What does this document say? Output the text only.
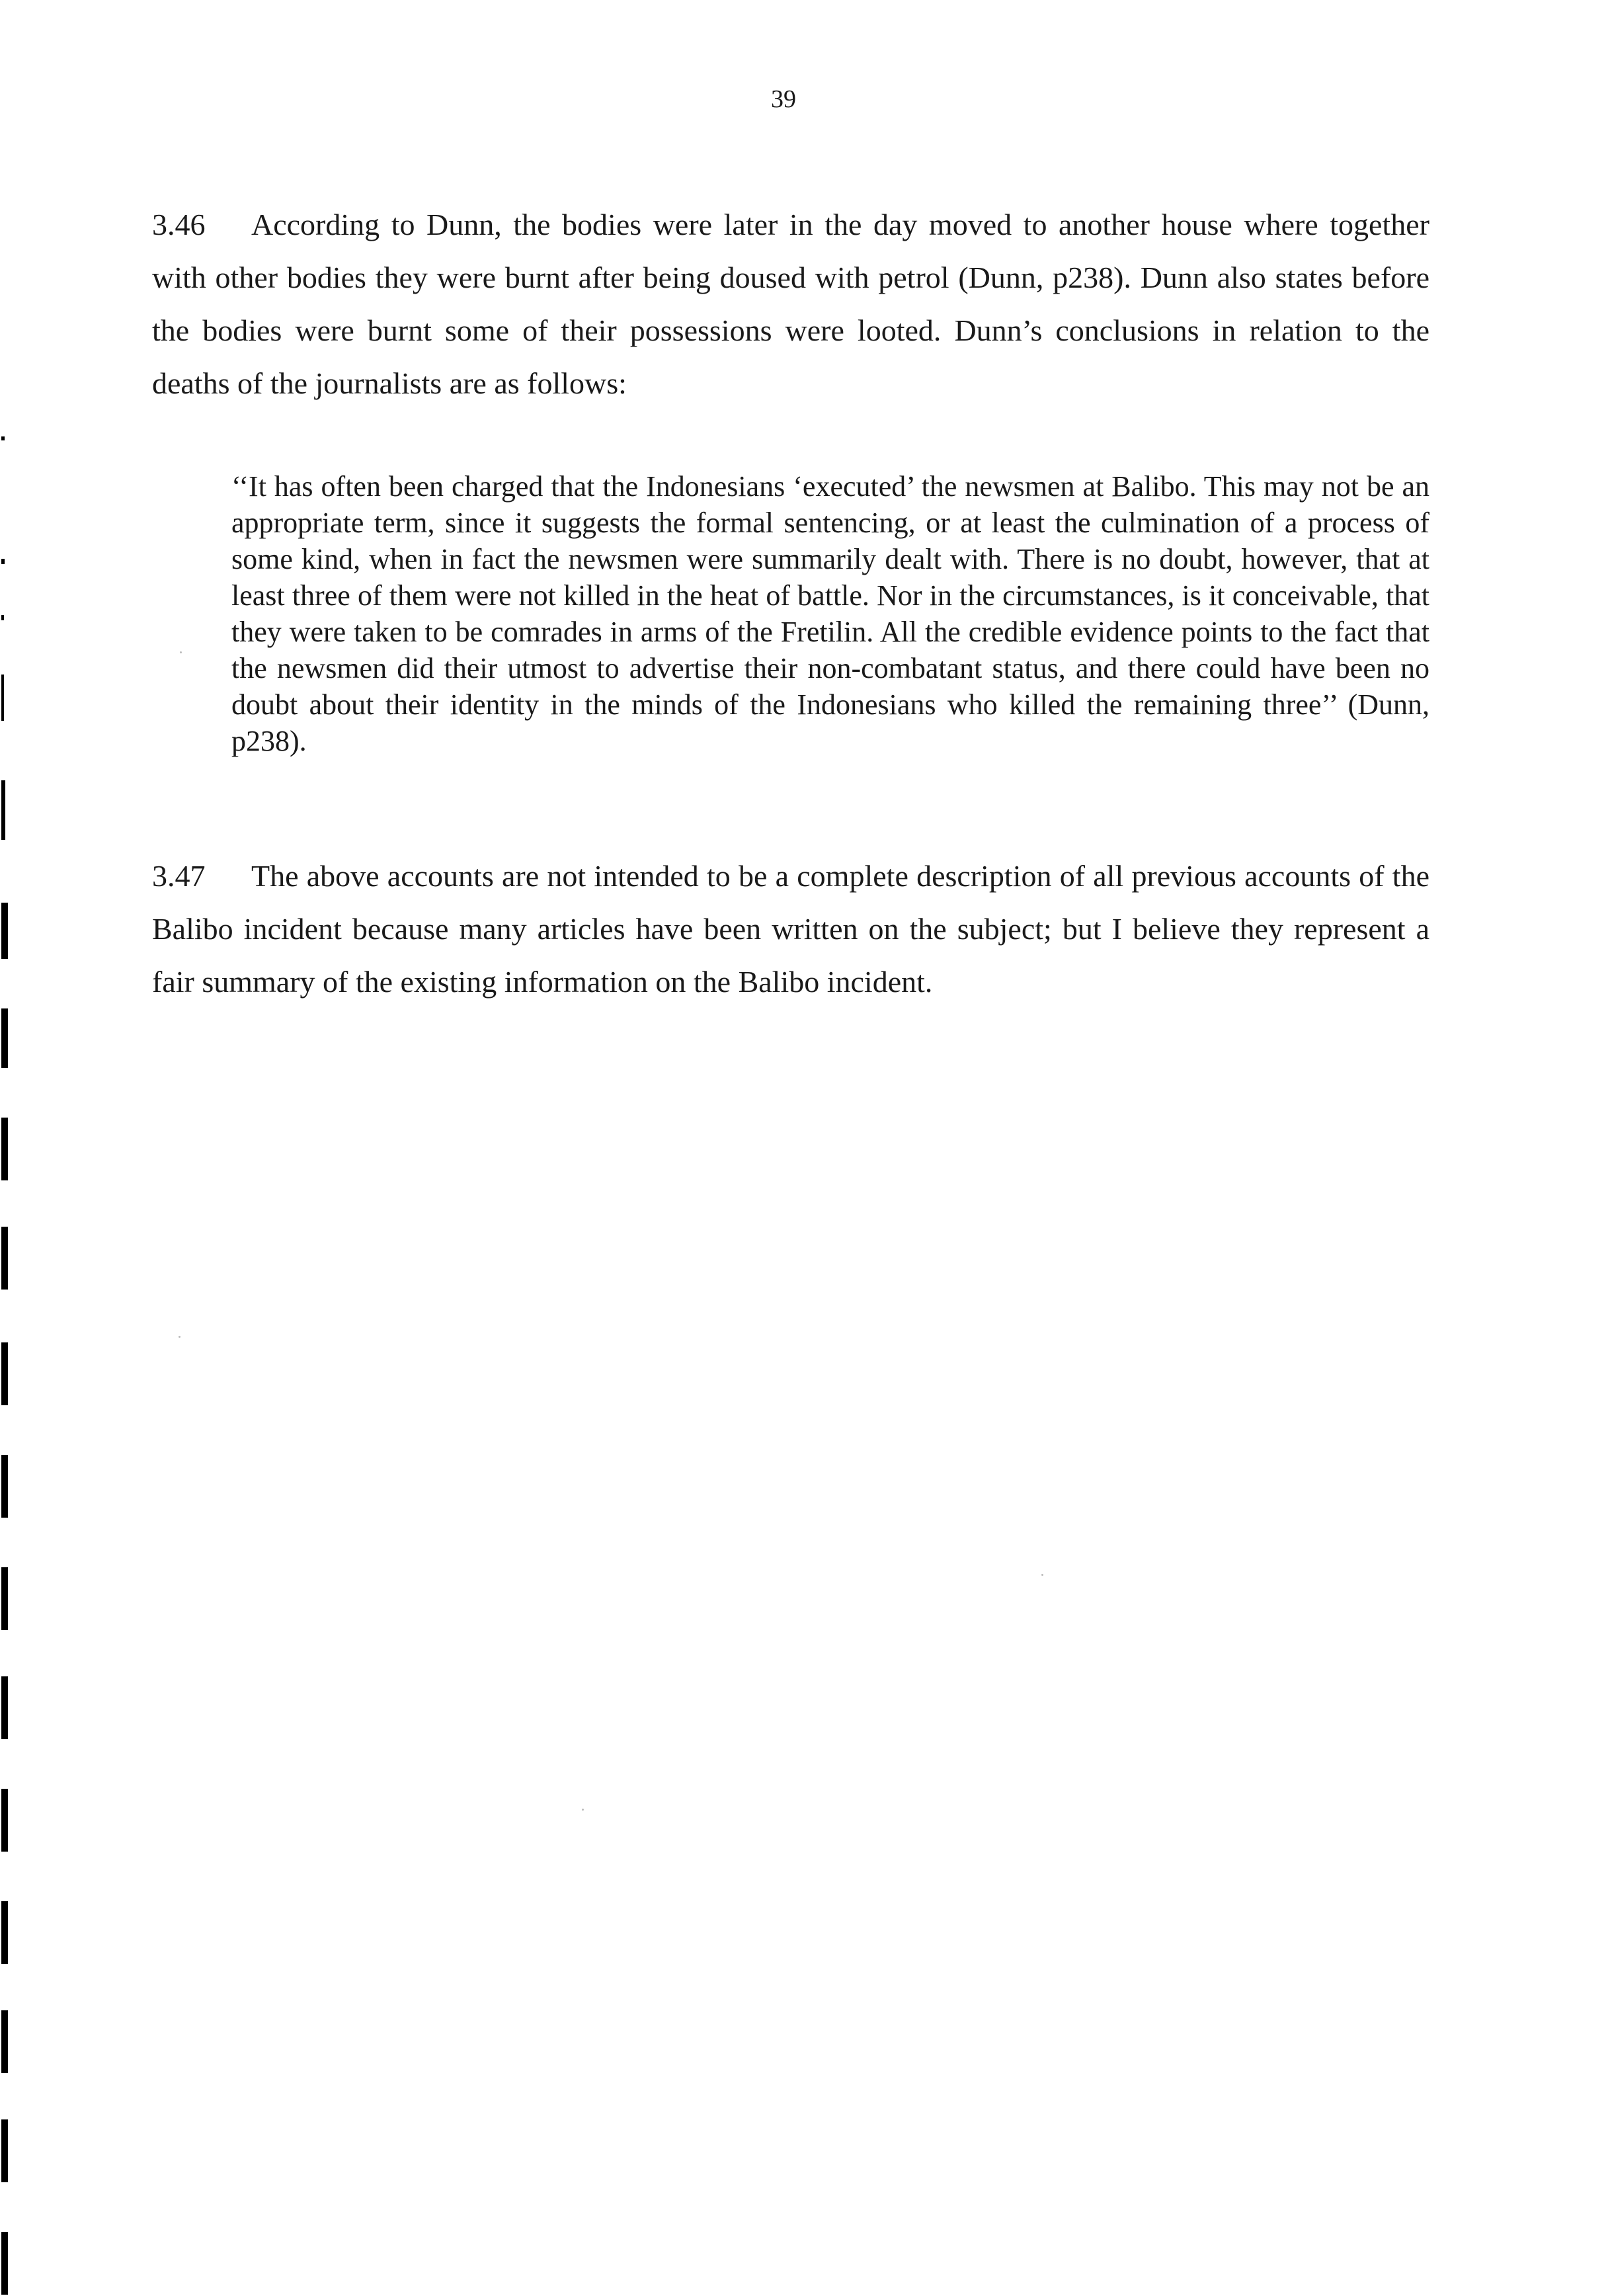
39

3.46 According to Dunn, the bodies were later in the day moved to another house where together with other bodies they were burnt after being doused with petrol (Dunn, p238). Dunn also states before the bodies were burnt some of their possessions were looted. Dunn’s conclusions in relation to the deaths of the journalists are as follows:

‘‘It has often been charged that the Indonesians ‘executed’ the newsmen at Balibo. This may not be an appropriate term, since it suggests the formal sentencing, or at least the culmination of a process of some kind, when in fact the newsmen were summarily dealt with. There is no doubt, however, that at least three of them were not killed in the heat of battle. Nor in the circumstances, is it conceivable, that they were taken to be comrades in arms of the Fretilin. All the credible evidence points to the fact that the newsmen did their utmost to advertise their non-combatant status, and there could have been no doubt about their identity in the minds of the Indonesians who killed the remaining three’’ (Dunn, p238).

3.47 The above accounts are not intended to be a complete description of all previous accounts of the Balibo incident because many articles have been written on the subject; but I believe they represent a fair summary of the existing information on the Balibo incident.
